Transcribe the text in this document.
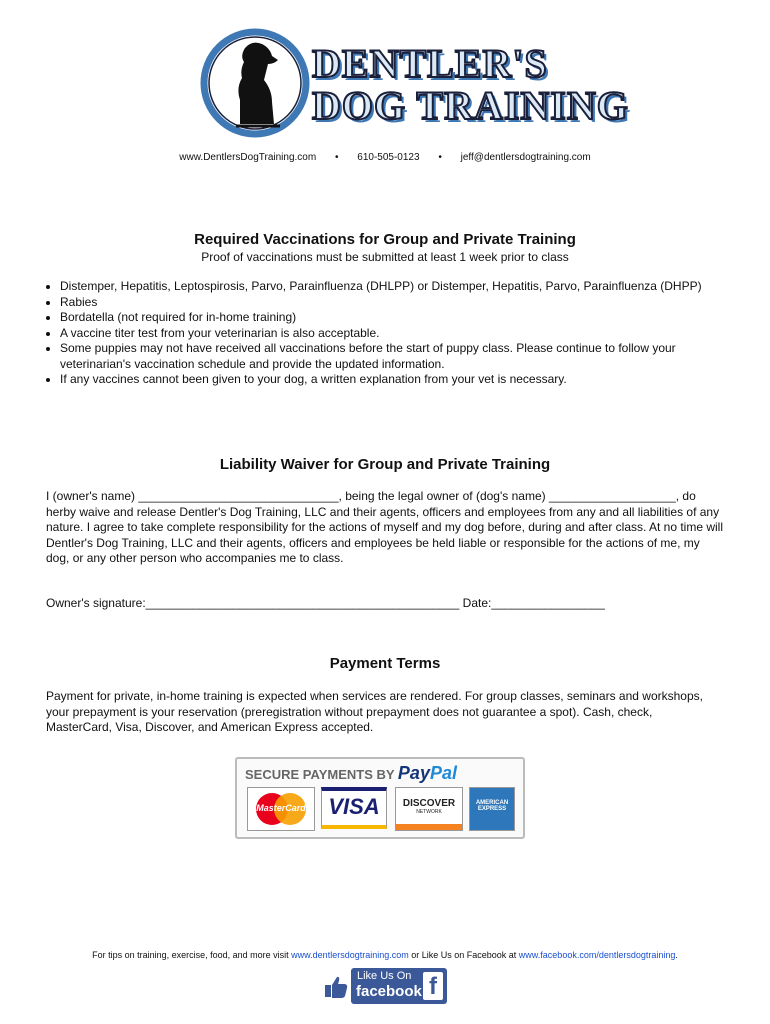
DENTLER'S
DOG TRAINING
www.DentlersDogTraining.com • 610-505-0123 • jeff@dentlersdogtraining.com
Required Vaccinations for Group and Private Training
Proof of vaccinations must be submitted at least 1 week prior to class
• Distemper, Hepatitis, Leptospirosis, Parvo, Parainfluenza (DHLPP) or Distemper, Hepatitis, Parvo, Parainfluenza (DHPP)
• Rabies
• Bordatella (not required for in-home training)
• A vaccine titer test from your veterinarian is also acceptable.
• Some puppies may not have received all vaccinations before the start of puppy class. Please continue to follow your veterinarian's vaccination schedule and provide the updated information.
• If any vaccines cannot been given to your dog, a written explanation from your vet is necessary.
Liability Waiver for Group and Private Training
I (owner's name) ______________________________, being the legal owner of (dog's name) ___________________, do herby waive and release Dentler's Dog Training, LLC and their agents, officers and employees from any and all liabilities of any nature. I agree to take complete responsibility for the actions of myself and my dog before, during and after class. At no time will Dentler's Dog Training, LLC and their agents, officers and employees be held liable or responsible for the actions of me, my dog, or any other person who accompanies me to class.
Owner's signature:_______________________________________________ Date:_________________
Payment Terms
Payment for private, in-home training is expected when services are rendered. For group classes, seminars and workshops, your prepayment is your reservation (preregistration without prepayment does not guarantee a spot). Cash, check, MasterCard, Visa, Discover, and American Express accepted.
SECURE PAYMENTS BY PayPal
MasterCard	VISA	DISCOVER
NETWORK
AMERICAN
EXPRESS
For tips on training, exercise, food, and more visit www.dentlersdogtraining.com or Like Us on Facebook at www.facebook.com/dentlersdogtraining.
Like Us On
facebook f
